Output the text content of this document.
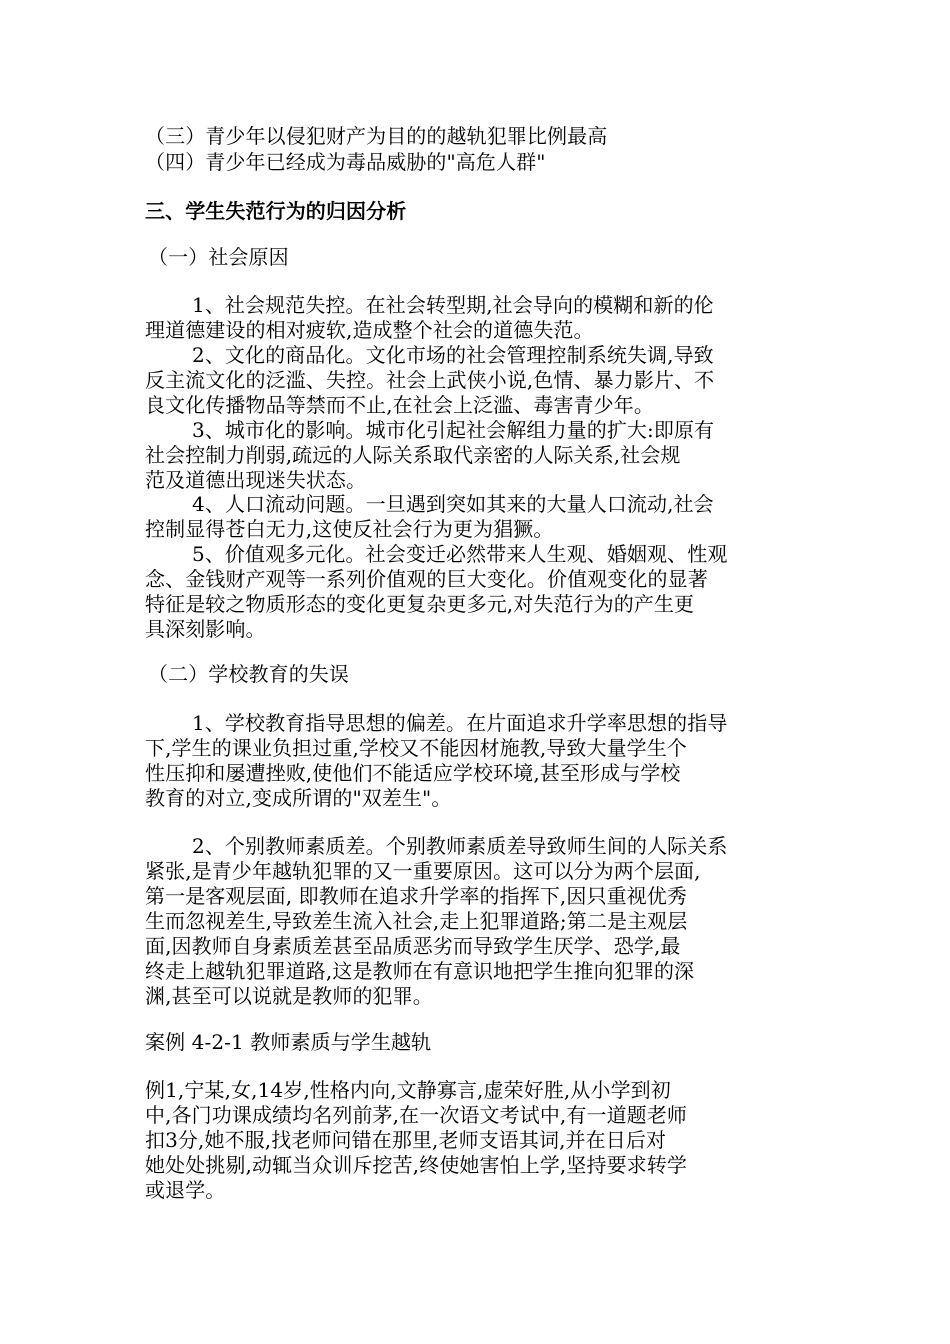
（三）青少年以侵犯财产为目的的越轨犯罪比例最高
（四）青少年已经成为毒品威胁的"高危人群"
三、学生失范行为的归因分析
（一）社会原因
1、社会规范失控。在社会转型期,社会导向的模糊和新的伦
理道德建设的相对疲软,造成整个社会的道德失范。
2、文化的商品化。文化市场的社会管理控制系统失调,导致
反主流文化的泛滥、失控。社会上武侠小说,色情、暴力影片、不
良文化传播物品等禁而不止,在社会上泛滥、毒害青少年。
3、城市化的影响。城市化引起社会解组力量的扩大:即原有
社会控制力削弱,疏远的人际关系取代亲密的人际关系,社会规
范及道德出现迷失状态。
4、人口流动问题。一旦遇到突如其来的大量人口流动,社会
控制显得苍白无力,这使反社会行为更为猖獗。
5、价值观多元化。社会变迁必然带来人生观、婚姻观、性观
念、金钱财产观等一系列价值观的巨大变化。价值观变化的显著
特征是较之物质形态的变化更复杂更多元,对失范行为的产生更
具深刻影响。
（二）学校教育的失误
1、学校教育指导思想的偏差。在片面追求升学率思想的指导
下,学生的课业负担过重,学校又不能因材施教,导致大量学生个
性压抑和屡遭挫败,使他们不能适应学校环境,甚至形成与学校
教育的对立,变成所谓的"双差生"。
2、个别教师素质差。个别教师素质差导致师生间的人际关系
紧张,是青少年越轨犯罪的又一重要原因。这可以分为两个层面,
第一是客观层面, 即教师在追求升学率的指挥下,因只重视优秀
生而忽视差生,导致差生流入社会,走上犯罪道路;第二是主观层
面,因教师自身素质差甚至品质恶劣而导致学生厌学、恐学,最
终走上越轨犯罪道路,这是教师在有意识地把学生推向犯罪的深
渊,甚至可以说就是教师的犯罪。
案例 4-2-1 教师素质与学生越轨
例1,宁某,女,14岁,性格内向,文静寡言,虚荣好胜,从小学到初
中,各门功课成绩均名列前茅,在一次语文考试中,有一道题老师
扣3分,她不服,找老师问错在那里,老师支语其词,并在日后对
她处处挑剔,动辄当众训斥挖苦,终使她害怕上学,坚持要求转学
或退学。
